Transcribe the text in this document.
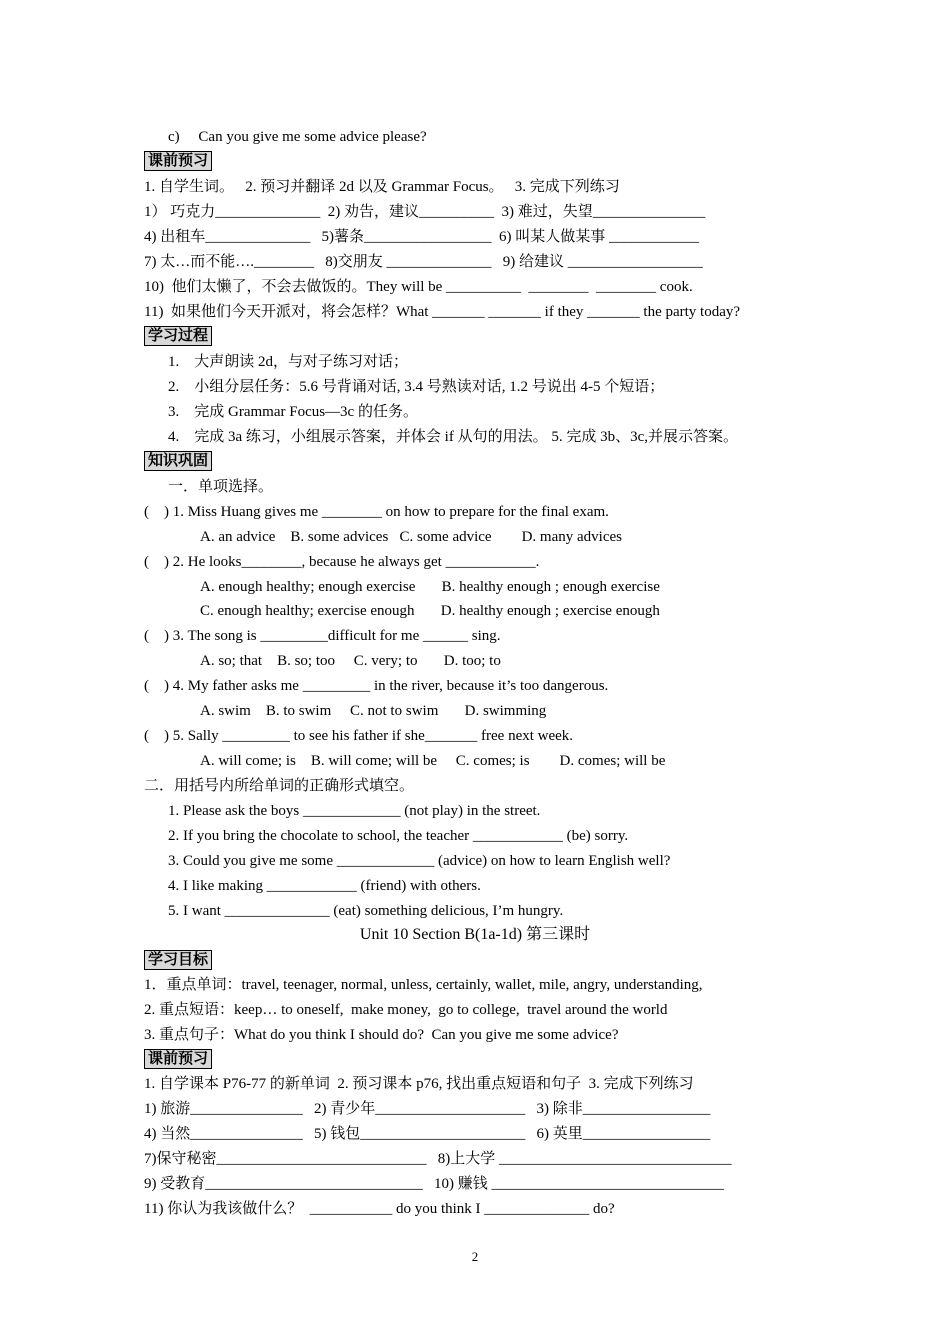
c)     Can you give me some advice please?
课前预习
1. 自学生词。   2. 预习并翻译 2d 以及 Grammar Focus。   3. 完成下列练习
1） 巧克力______________  2) 劝告，建议__________  3) 难过，失望_______________
4) 出租车______________   5)薯条_________________  6) 叫某人做某事 ____________
7) 太…而不能….________   8)交朋友 ______________   9) 给建议 __________________
10)  他们太懒了，不会去做饭的。They will be __________  ________  ________ cook.
11)  如果他们今天开派对，将会怎样？What _______ _______ if they _______ the party today?
学习过程
1.    大声朗读 2d，与对子练习对话；
2.    小组分层任务：5.6 号背诵对话, 3.4 号熟读对话, 1.2 号说出 4-5 个短语；
3.    完成 Grammar Focus—3c 的任务。
4.    完成 3a 练习，小组展示答案，并体会 if 从句的用法。 5. 完成 3b、3c,并展示答案。
知识巩固
一．单项选择。
(    ) 1. Miss Huang gives me ________ on how to prepare for the final exam.
A. an advice    B. some advices   C. some advice        D. many advices
(    ) 2. He looks________, because he always get ____________.
A. enough healthy; enough exercise       B. healthy enough ; enough exercise
C. enough healthy; exercise enough       D. healthy enough ; exercise enough
(    ) 3. The song is _________difficult for me ______ sing.
A. so; that    B. so; too     C. very; to       D. too; to
(    ) 4. My father asks me _________ in the river, because it’s too dangerous.
A. swim    B. to swim     C. not to swim       D. swimming
(    ) 5. Sally _________ to see his father if she_______ free next week.
A. will come; is    B. will come; will be     C. comes; is        D. comes; will be
二．用括号内所给单词的正确形式填空。
1. Please ask the boys _____________ (not play) in the street.
2. If you bring the chocolate to school, the teacher ____________ (be) sorry.
3. Could you give me some _____________ (advice) on how to learn English well?
4. I like making ____________ (friend) with others.
5. I want ______________ (eat) something delicious, I’m hungry.
Unit 10 Section B(1a-1d) 第三课时
学习目标
1．重点单词：travel, teenager, normal, unless, certainly, wallet, mile, angry, understanding,
2. 重点短语：keep… to oneself,  make money,  go to college,  travel around the world
3. 重点句子：What do you think I should do?  Can you give me some advice?
课前预习
1. 自学课本 P76-77 的新单词  2. 预习课本 p76, 找出重点短语和句子  3. 完成下列练习
1) 旅游_______________   2) 青少年____________________   3) 除非_________________
4) 当然_______________   5) 钱包______________________   6) 英里_________________
7)保守秘密____________________________   8)上大学 _______________________________
9) 受教育_____________________________   10) 赚钱 _______________________________
11) 你认为我该做什么？  ___________ do you think I ______________ do?
2
